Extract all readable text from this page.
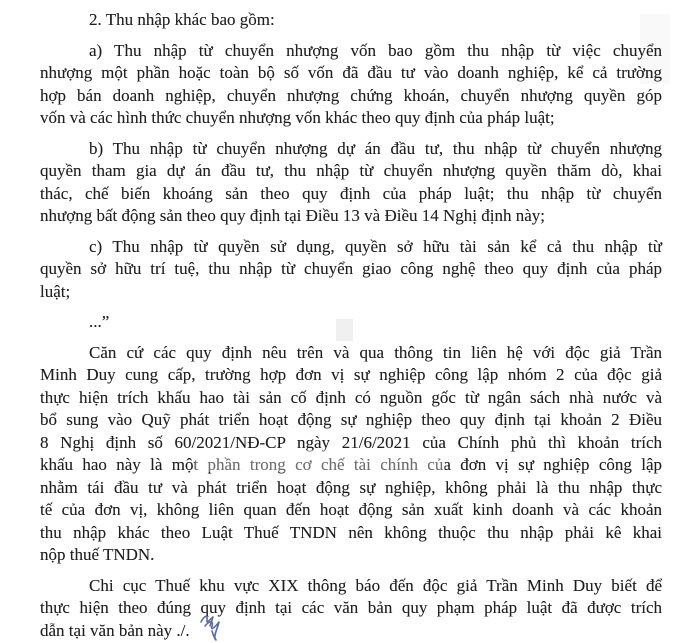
2. Thu nhập khác bao gồm:
a) Thu nhập từ chuyển nhượng vốn bao gồm thu nhập từ việc chuyển
nhượng một phần hoặc toàn bộ số vốn đã đầu tư vào doanh nghiệp, kể cả trường
hợp bán doanh nghiệp, chuyển nhượng chứng khoán, chuyển nhượng quyền góp
vốn và các hình thức chuyển nhượng vốn khác theo quy định của pháp luật;
b) Thu nhập từ chuyển nhượng dự án đầu tư, thu nhập từ chuyển nhượng
quyền tham gia dự án đầu tư, thu nhập từ chuyển nhượng quyền thăm dò, khai
thác, chế biến khoáng sản theo quy định của pháp luật; thu nhập từ chuyển
nhượng bất động sản theo quy định tại Điều 13 và Điều 14 Nghị định này;
c) Thu nhập từ quyền sử dụng, quyền sở hữu tài sản kể cả thu nhập từ
quyền sở hữu trí tuệ, thu nhập từ chuyển giao công nghệ theo quy định của pháp
luật;
...”
Căn cứ các quy định nêu trên và qua thông tin liên hệ với độc giả Trần
Minh Duy cung cấp, trường hợp đơn vị sự nghiệp công lập nhóm 2 của độc giả
thực hiện trích khấu hao tài sản cố định có nguồn gốc từ ngân sách nhà nước và
bổ sung vào Quỹ phát triển hoạt động sự nghiệp theo quy định tại khoản 2 Điều
8 Nghị định số 60/2021/NĐ-CP ngày 21/6/2021 của Chính phủ thì khoản trích
khấu hao này là một phần trong cơ chế tài chính của đơn vị sự nghiệp công lập
nhằm tái đầu tư và phát triển hoạt động sự nghiệp, không phải là thu nhập thực
tế của đơn vị, không liên quan đến hoạt động sản xuất kinh doanh và các khoản
thu nhập khác theo Luật Thuế TNDN nên không thuộc thu nhập phải kê khai
nộp thuế TNDN.
Chi cục Thuế khu vực XIX thông báo đến độc giả Trần Minh Duy biết để
thực hiện theo đúng quy định tại các văn bản quy phạm pháp luật đã được trích
dẫn tại văn bản này ./.
